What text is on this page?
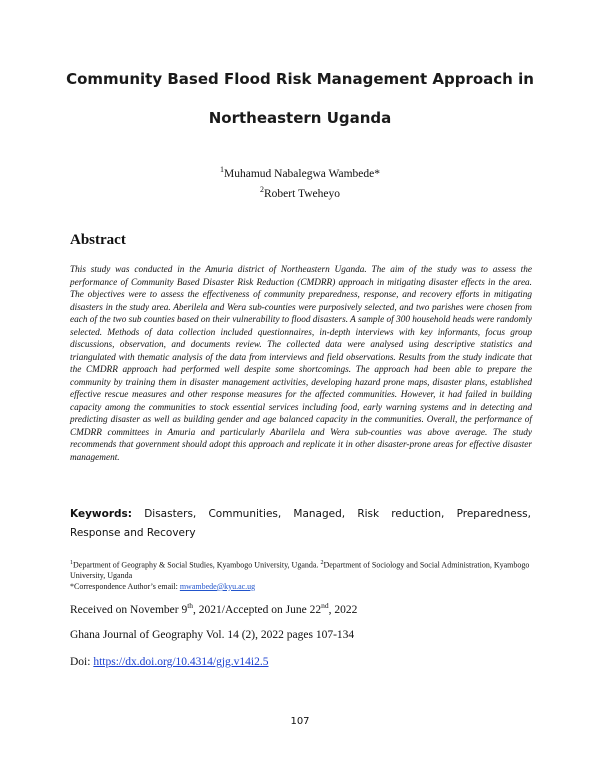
Community Based Flood Risk Management Approach in
Northeastern Uganda
$^1$Muhamud Nabalegwa Wambede*
$^2$Robert Tweheyo
Abstract

This study was conducted in the Amuria district of Northeastern Uganda. The aim of the study was to assess the performance of Community Based Disaster Risk Reduction (CMDRR) approach in mitigating disaster effects in the area. The objectives were to assess the effectiveness of community preparedness, response, and recovery efforts in mitigating disasters in the study area. Aberilela and Wera sub-counties were purposively selected, and two parishes were chosen from each of the two sub counties based on their vulnerability to flood disasters. A sample of 300 household heads were randomly selected. Methods of data collection included questionnaires, in-depth interviews with key informants, focus group discussions, observation, and documents review. The collected data were analysed using descriptive statistics and triangulated with thematic analysis of the data from interviews and field observations. Results from the study indicate that the CMDRR approach had performed well despite some shortcomings. The approach had been able to prepare the community by training them in disaster management activities, developing hazard prone maps, disaster plans, established effective rescue measures and other response measures for the affected communities. However, it had failed in building capacity among the communities to stock essential services including food, early warning systems and in detecting and predicting disaster as well as building gender and age balanced capacity in the communities. Overall, the performance of CMDRR committees in Amuria and particularly Abarilela and Wera sub-counties was above average. The study recommends that government should adopt this approach and replicate it in other disaster-prone areas for effective disaster management.

Keywords: Disasters, Communities, Managed, Risk reduction, Preparedness, Response and Recovery

$^1$Department of Geography & Social Studies, Kyambogo University, Uganda. $^2$Department of Sociology and Social Administration, Kyambogo University, Uganda
*Correspondence Author’s email: mwambede@kyu.ac.ug

Received on November 9th, 2021/Accepted on June 22nd, 2022
Ghana Journal of Geography Vol. 14 (2), 2022 pages 107-134
Doi: https://dx.doi.org/10.4314/gjg.v14i2.5
107
